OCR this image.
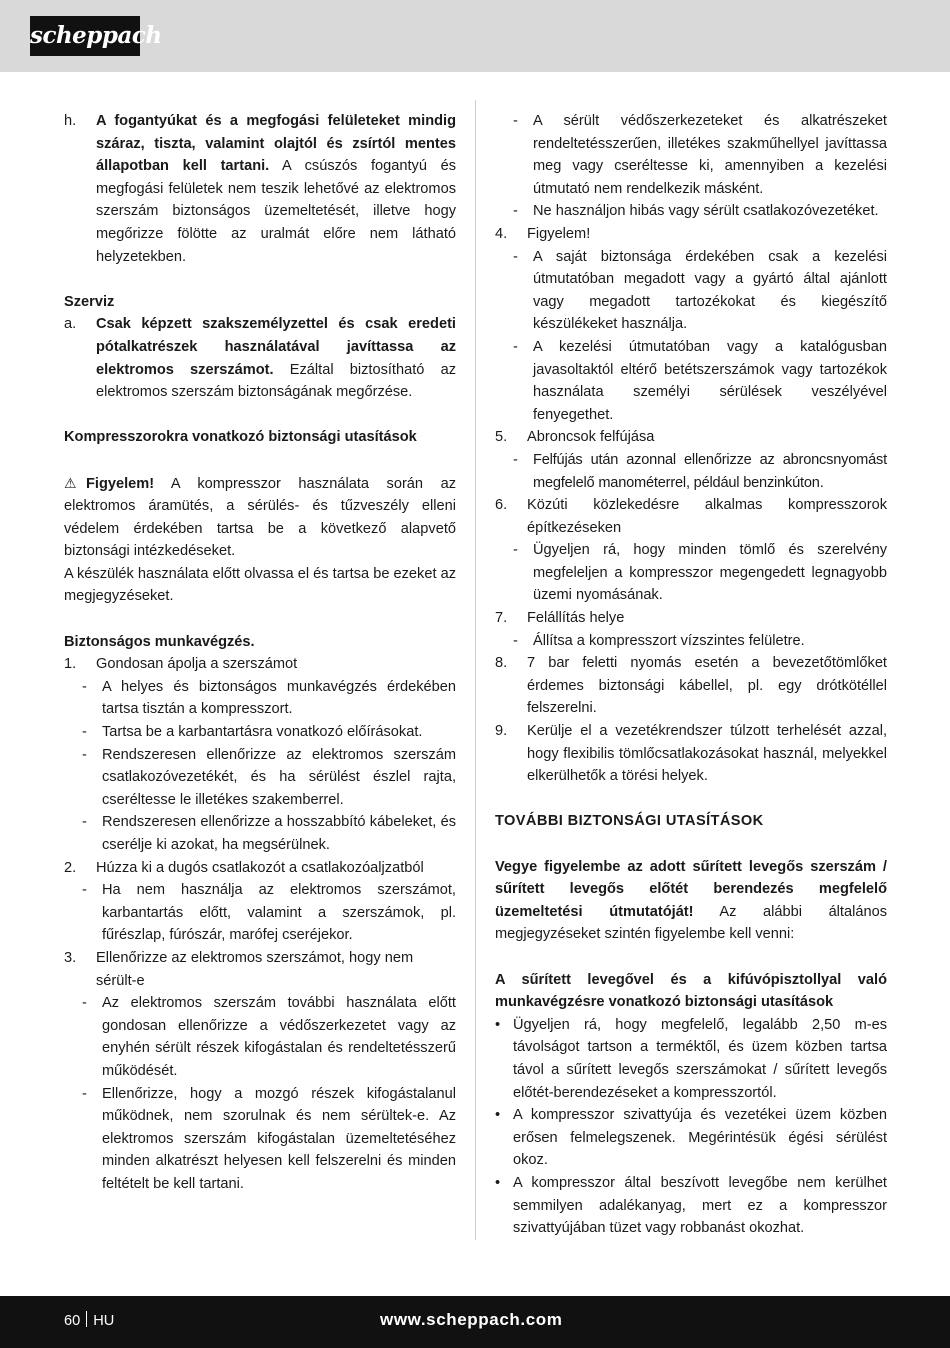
scheppach
h.	A fogantyúkat és a megfogási felületeket mindig száraz, tiszta, valamint olajtól és zsírtól mentes állapotban kell tartani. A csúszós fogantyú és megfogási felületek nem teszik lehetővé az elektromos szerszám biztonságos üzemeltetését, illetve hogy megőrizze fölötte az uralmát előre nem látható helyzetekben.
Szerviz
a.	Csak képzett szakszemélyzettel és csak eredeti pótalkatrészek használatával javíttassa az elektromos szerszámot. Ezáltal biztosítható az elektromos szerszám biztonságának megőrzése.
Kompresszorokra vonatkozó biztonsági utasítások
⚠ Figyelem! A kompresszor használata során az elektromos áramütés, a sérülés- és tűzveszély elleni védelem érdekében tartsa be a következő alapvető biztonsági intézkedéseket.
A készülék használata előtt olvassa el és tartsa be ezeket az megjegyzéseket.
Biztonságos munkavégzés.
1.	Gondosan ápolja a szerszámot
-	A helyes és biztonságos munkavégzés érdekében tartsa tisztán a kompresszort.
-	Tartsa be a karbantartásra vonatkozó előírásokat.
-	Rendszeresen ellenőrizze az elektromos szerszám csatlakozóvezetékét, és ha sérülést észlel rajta, cseréltesse le illetékes szakemberrel.
-	Rendszeresen ellenőrizze a hosszabbító kábeleket, és cserélje ki azokat, ha megsérülnek.
2.	Húzza ki a dugós csatlakozót a csatlakozóaljzatból
-	Ha nem használja az elektromos szerszámot, karbantartás előtt, valamint a szerszámok, pl. fűrészlap, fúrószár, marófej cseréjekor.
3.	Ellenőrizze az elektromos szerszámot, hogy nem sérült-e
-	Az elektromos szerszám további használata előtt gondosan ellenőrizze a védőszerkezetet vagy az enyhén sérült részek kifogástalan és rendeltetésszerű működését.
-	Ellenőrizze, hogy a mozgó részek kifogástalanul működnek, nem szorulnak és nem sérültek-e. Az elektromos szerszám kifogástalan üzemeltetéséhez minden alkatrészt helyesen kell felszerelni és minden feltételt be kell tartani.
-	A sérült védőszerkezeteket és alkatrészeket rendeltetésszerűen, illetékes szakműhellyel javíttassa meg vagy cseréltesse ki, amennyiben a kezelési útmutató nem rendelkezik másként.
-	Ne használjon hibás vagy sérült csatlakozóvezetéket.
4.	Figyelem!
-	A saját biztonsága érdekében csak a kezelési útmutatóban megadott vagy a gyártó által ajánlott vagy megadott tartozékokat és kiegészítő készülékeket használja.
-	A kezelési útmutatóban vagy a katalógusban javasoltaktól eltérő betétszerszámok vagy tartozékok használata személyi sérülések veszélyével fenyegethet.
5.	Abroncsok felfújása
-	Felfújás után azonnal ellenőrizze az abroncsnyomást megfelelő manométerrel, például benzinkúton.
6.	Közúti közlekedésre alkalmas kompresszorok építkezéseken
-	Ügyeljen rá, hogy minden tömlő és szerelvény megfeleljen a kompresszor megengedett legnagyobb üzemi nyomásának.
7.	Felállítás helye
-	Állítsa a kompresszort vízszintes felületre.
8.	7 bar feletti nyomás esetén a bevezetőtömlőket érdemes biztonsági kábellel, pl. egy drótkötéllel felszerelni.
9.	Kerülje el a vezetékrendszer túlzott terhelését azzal, hogy flexibilis tömlőcsatlakozásokat használ, melyekkel elkerülhetők a törési helyek.
TOVÁBBI BIZTONSÁGI UTASÍTÁSOK
Vegye figyelembe az adott sűrített levegős szerszám / sűrített levegős előtét berendezés megfelelő üzemeltetési útmutatóját! Az alábbi általános megjegyzéseket szintén figyelembe kell venni:
A sűrített levegővel és a kifúvópisztollyal való munkavégzésre vonatkozó biztonsági utasítások
• Ügyeljen rá, hogy megfelelő, legalább 2,50 m-es távolságot tartson a terméktől, és üzem közben tartsa távol a sűrített levegős szerszámokat / sűrített levegős előtét-berendezéseket a kompresszortól.
• A kompresszor szivattyúja és vezetékei üzem közben erősen felmelegszenek. Megérintésük égési sérülést okoz.
• A kompresszor által beszívott levegőbe nem kerülhet semmilyen adalékanyag, mert ez a kompresszor szivattyújában tüzet vagy robbanást okozhat.
60 HU	www.scheppach.com
